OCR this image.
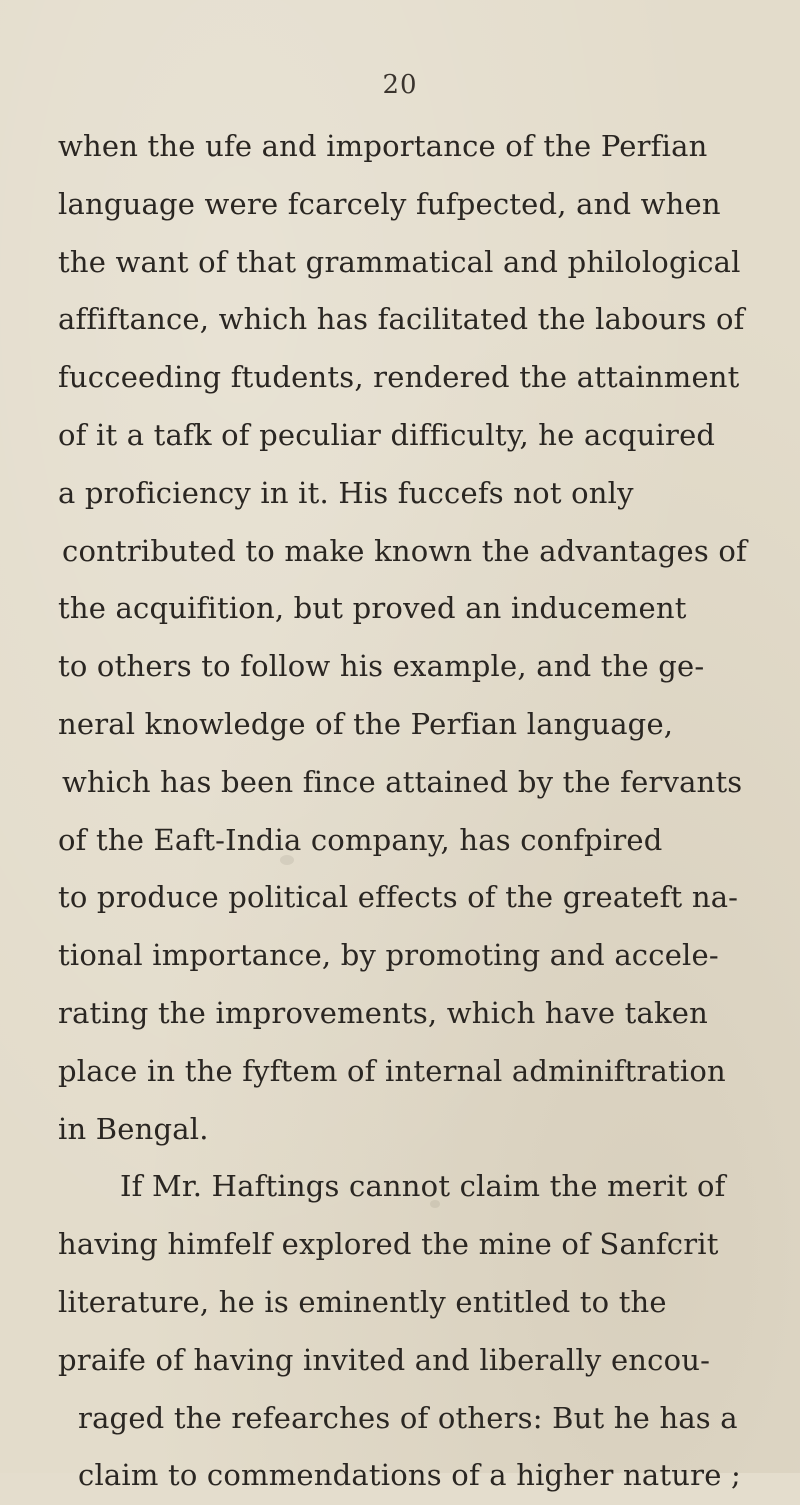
20
when the ufe and importance of the Perfian
language were fcarcely fufpected, and when
the want of that grammatical and philological
affiftance, which has facilitated the labours of
fucceeding ftudents, rendered the attainment
of it a tafk of peculiar difficulty, he acquired
a proficiency in it. His fuccefs not only
contributed to make known the advantages of
the acquifition, but proved an inducement
to others to follow his example, and the ge-
neral knowledge of the Perfian language,
which has been fince attained by the fervants
of the Eaft-India company, has confpired
to produce political effects of the greateft na-
tional importance, by promoting and accele-
rating the improvements, which have taken
place in the fyftem of internal adminiftration
in Bengal.
If Mr. Haftings cannot claim the merit of
having himfelf explored the mine of Sanfcrit
literature, he is eminently entitled to the
praife of having invited and liberally encou-
raged the refearches of others: But he has a
claim to commendations of a higher nature ;
